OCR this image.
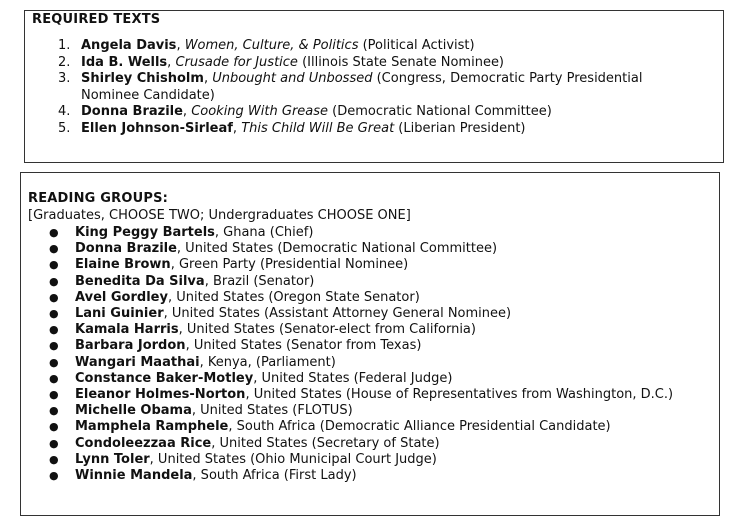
REQUIRED TEXTS
1. Angela Davis, Women, Culture, & Politics (Political Activist)
2. Ida B. Wells, Crusade for Justice (Illinois State Senate Nominee)
3. Shirley Chisholm, Unbought and Unbossed (Congress, Democratic Party Presidential Nominee Candidate)
4. Donna Brazile, Cooking With Grease (Democratic National Committee)
5. Ellen Johnson-Sirleaf, This Child Will Be Great (Liberian President)
READING GROUPS:
[Graduates, CHOOSE TWO; Undergraduates CHOOSE ONE]
●	King Peggy Bartels, Ghana (Chief)
●	Donna Brazile, United States (Democratic National Committee)
●	Elaine Brown, Green Party (Presidential Nominee)
●	Benedita Da Silva, Brazil (Senator)
●	Avel Gordley, United States (Oregon State Senator)
●	Lani Guinier, United States (Assistant Attorney General Nominee)
●	Kamala Harris, United States (Senator-elect from California)
●	Barbara Jordon, United States (Senator from Texas)
●	Wangari Maathai, Kenya, (Parliament)
●	Constance Baker-Motley, United States (Federal Judge)
●	Eleanor Holmes-Norton, United States (House of Representatives from Washington, D.C.)
●	Michelle Obama, United States (FLOTUS)
●	Mamphela Ramphele, South Africa (Democratic Alliance Presidential Candidate)
●	Condoleezzaa Rice, United States (Secretary of State)
●	Lynn Toler, United States (Ohio Municipal Court Judge)
●	Winnie Mandela, South Africa (First Lady)
